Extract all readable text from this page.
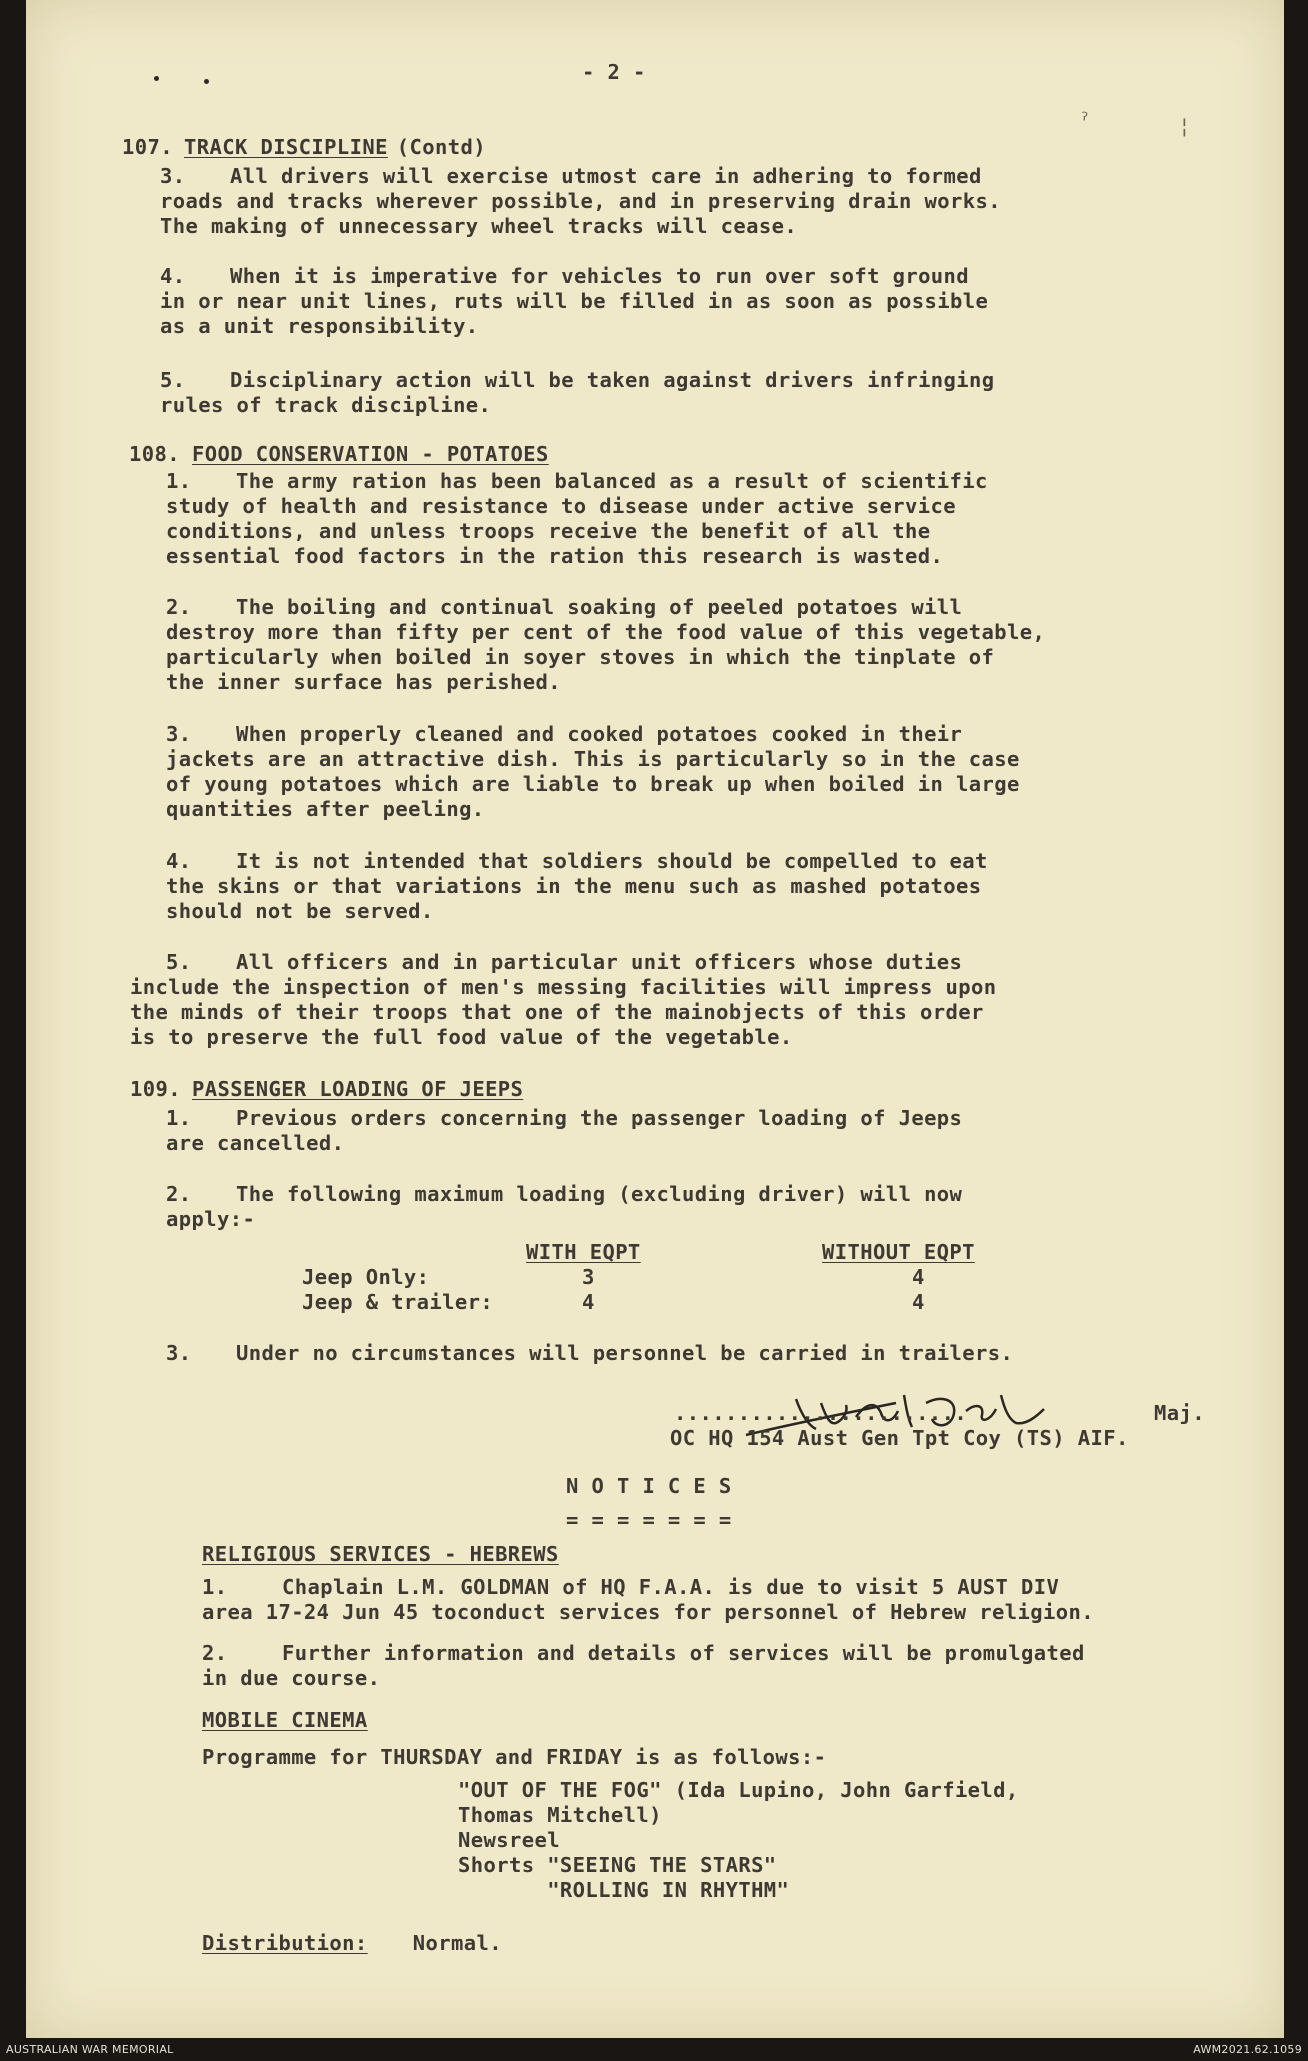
ˀ	¦
- 2 -
107. TRACK DISCIPLINE
(Contd)
3. All drivers will exercise utmost care in adhering to formed
roads and tracks wherever possible, and in preserving drain works.
The making of unnecessary wheel tracks will cease.
4. When it is imperative for vehicles to run over soft ground
in or near unit lines, ruts will be filled in as soon as possible
as a unit responsibility.
5. Disciplinary action will be taken against drivers infringing
rules of track discipline.
108. FOOD CONSERVATION - POTATOES
1. The army ration has been balanced as a result of scientific
study of health and resistance to disease under active service
conditions, and unless troops receive the benefit of all the
essential food factors in the ration this research is wasted.
2. The boiling and continual soaking of peeled potatoes will
destroy more than fifty per cent of the food value of this vegetable,
particularly when boiled in soyer stoves in which the tinplate of
the inner surface has perished.
3. When properly cleaned and cooked potatoes cooked in their
jackets are an attractive dish. This is particularly so in the case
of young potatoes which are liable to break up when boiled in large
quantities after peeling.
4. It is not intended that soldiers should be compelled to eat
the skins or that variations in the menu such as mashed potatoes
should not be served.
5. All officers and in particular unit officers whose duties
include the inspection of men's messing facilities will impress upon
the minds of their troops that one of the mainobjects of this order
is to preserve the full food value of the vegetable.
109. PASSENGER LOADING OF JEEPS
1. Previous orders concerning the passenger loading of Jeeps
are cancelled.
2. The following maximum loading (excluding driver) will now
apply:-
WITH EQPT	WITHOUT EQPT
Jeep Only:	3	4
Jeep & trailer:	4	4
3. Under no circumstances will personnel be carried in trailers.
.......................	Maj.
OC HQ 154 Aust Gen Tpt Coy (TS) AIF.
N O T I C E S
= = = = = = =
RELIGIOUS SERVICES - HEBREWS
1.	Chaplain L.M. GOLDMAN of HQ F.A.A. is due to visit 5 AUST DIV
area 17-24 Jun 45 toconduct services for personnel of Hebrew religion.
2.	Further information and details of services will be promulgated
in due course.
MOBILE CINEMA
Programme for THURSDAY and FRIDAY is as follows:-
"OUT OF THE FOG" (Ida Lupino, John Garfield,
Thomas Mitchell)
Newsreel
Shorts "SEEING THE STARS"
"ROLLING IN RHYTHM"
Distribution: Normal.
AUSTRALIAN WAR MEMORIAL	AWM2021.62.1059
